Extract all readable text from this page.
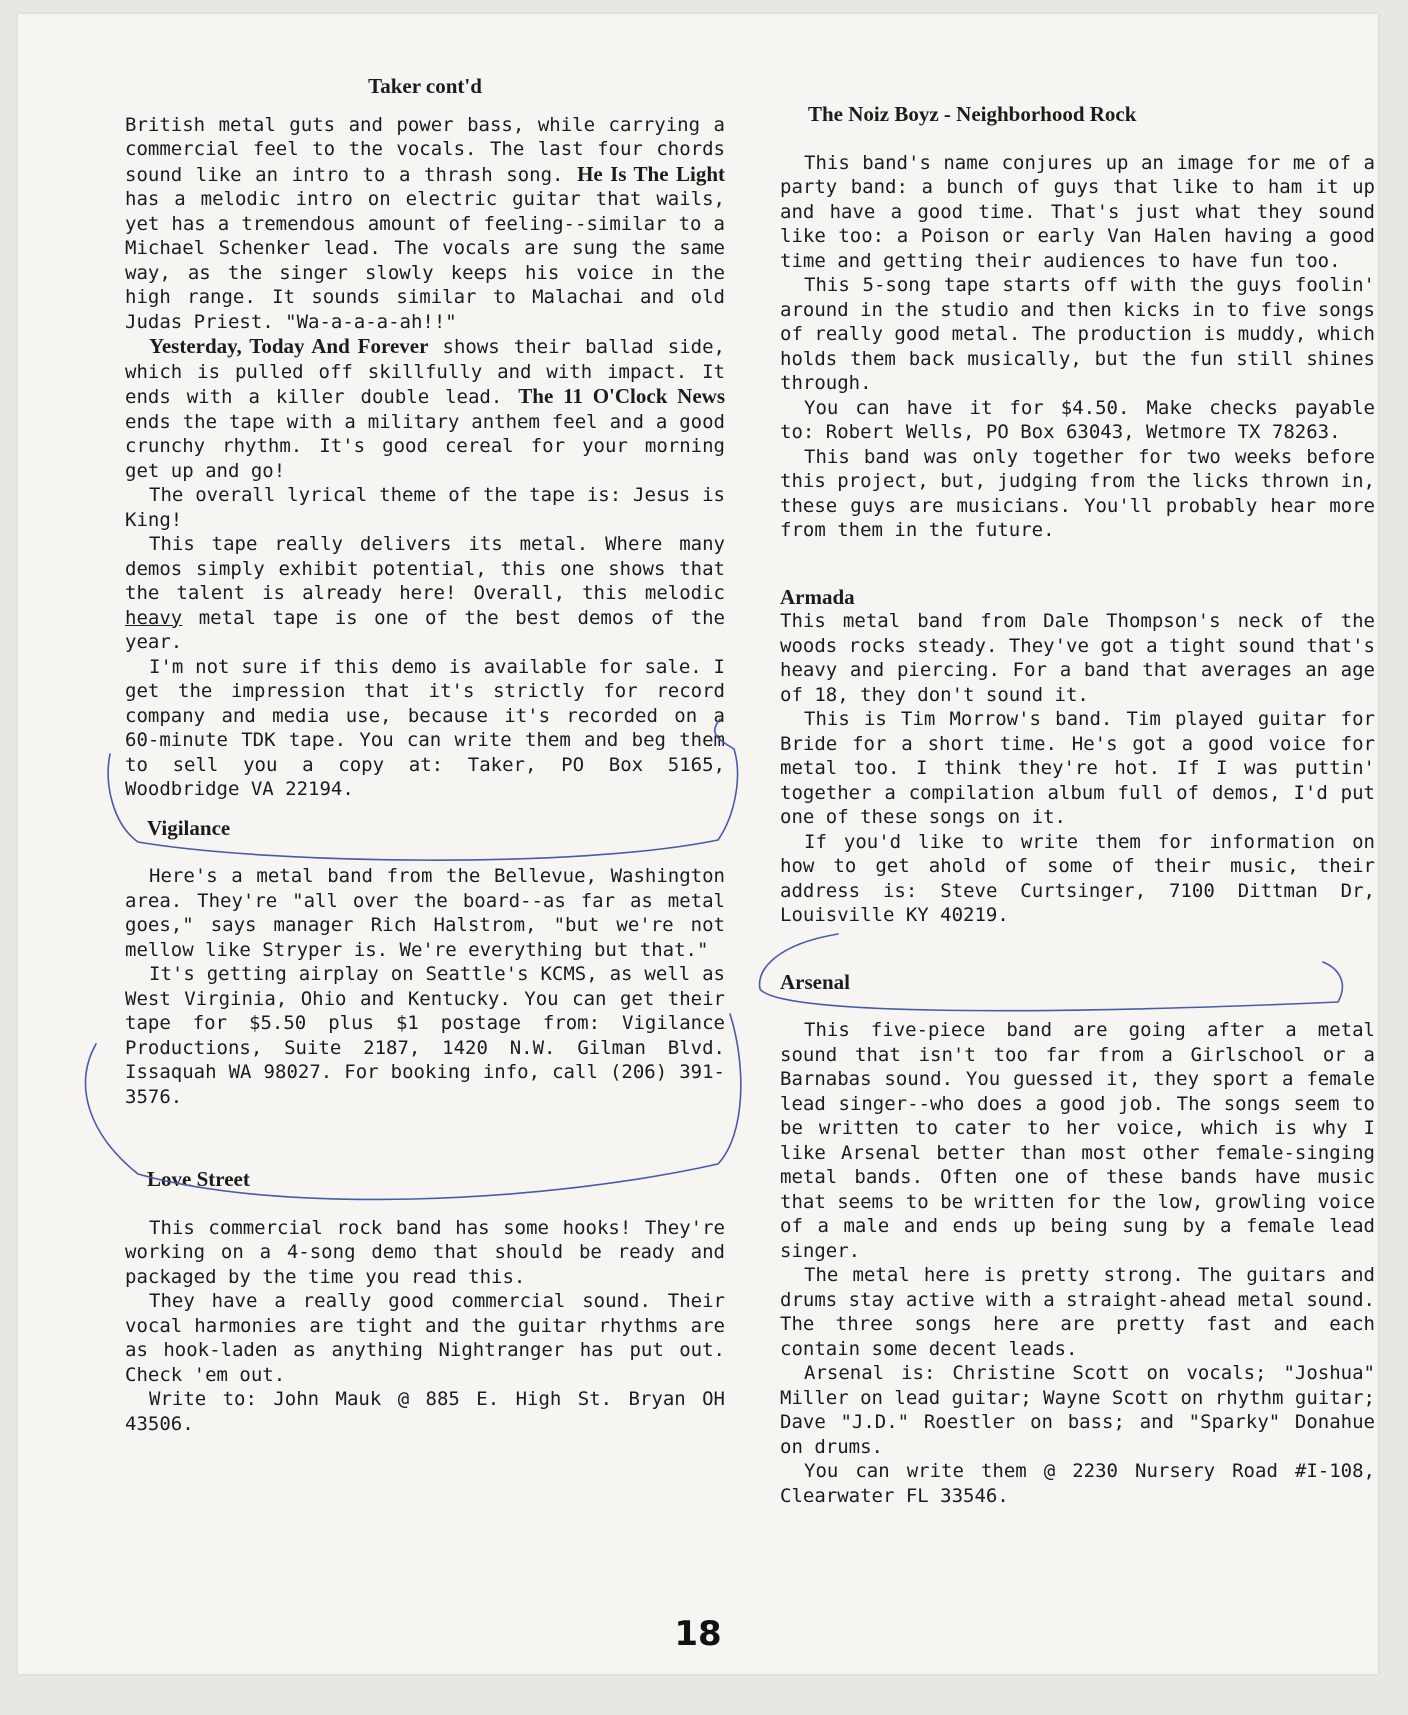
Taker cont'd

British metal guts and power bass, while carrying a commercial feel to the vocals. The last four chords sound like an intro to a thrash song. He Is The Light has a melodic intro on electric guitar that wails, yet has a tremendous amount of feeling--similar to a Michael Schenker lead. The vocals are sung the same way, as the singer slowly keeps his voice in the high range. It sounds similar to Malachai and old Judas Priest. "Wa-a-a-a-ah!!"

Yesterday, Today And Forever shows their ballad side, which is pulled off skillfully and with impact. It ends with a killer double lead. The 11 O'Clock News ends the tape with a military anthem feel and a good crunchy rhythm. It's good cereal for your morning get up and go!

The overall lyrical theme of the tape is: Jesus is King!

This tape really delivers its metal. Where many demos simply exhibit potential, this one shows that the talent is already here! Overall, this melodic heavy metal tape is one of the best demos of the year.

I'm not sure if this demo is available for sale. I get the impression that it's strictly for record company and media use, because it's recorded on a 60-minute TDK tape. You can write them and beg them to sell you a copy at: Taker, PO Box 5165, Woodbridge VA 22194.

Vigilance

Here's a metal band from the Bellevue, Washington area. They're "all over the board--as far as metal goes," says manager Rich Halstrom, "but we're not mellow like Stryper is. We're everything but that."

It's getting airplay on Seattle's KCMS, as well as West Virginia, Ohio and Kentucky. You can get their tape for $5.50 plus $1 postage from: Vigilance Productions, Suite 2187, 1420 N.W. Gilman Blvd. Issaquah WA 98027. For booking info, call (206) 391-3576.

Love Street

This commercial rock band has some hooks! They're working on a 4-song demo that should be ready and packaged by the time you read this.

They have a really good commercial sound. Their vocal harmonies are tight and the guitar rhythms are as hook-laden as anything Nightranger has put out. Check 'em out.

Write to: John Mauk @ 885 E. High St. Bryan OH 43506.

The Noiz Boyz - Neighborhood Rock

This band's name conjures up an image for me of a party band: a bunch of guys that like to ham it up and have a good time. That's just what they sound like too: a Poison or early Van Halen having a good time and getting their audiences to have fun too.

This 5-song tape starts off with the guys foolin' around in the studio and then kicks in to five songs of really good metal. The production is muddy, which holds them back musically, but the fun still shines through.

You can have it for $4.50. Make checks payable to: Robert Wells, PO Box 63043, Wetmore TX 78263.

This band was only together for two weeks before this project, but, judging from the licks thrown in, these guys are musicians. You'll probably hear more from them in the future.

Armada

This metal band from Dale Thompson's neck of the woods rocks steady. They've got a tight sound that's heavy and piercing. For a band that averages an age of 18, they don't sound it.

This is Tim Morrow's band. Tim played guitar for Bride for a short time. He's got a good voice for metal too. I think they're hot. If I was puttin' together a compilation album full of demos, I'd put one of these songs on it.

If you'd like to write them for information on how to get ahold of some of their music, their address is: Steve Curtsinger, 7100 Dittman Dr, Louisville KY 40219.

Arsenal

This five-piece band are going after a metal sound that isn't too far from a Girlschool or a Barnabas sound. You guessed it, they sport a female lead singer--who does a good job. The songs seem to be written to cater to her voice, which is why I like Arsenal better than most other female-singing metal bands. Often one of these bands have music that seems to be written for the low, growling voice of a male and ends up being sung by a female lead singer.

The metal here is pretty strong. The guitars and drums stay active with a straight-ahead metal sound. The three songs here are pretty fast and each contain some decent leads.

Arsenal is: Christine Scott on vocals; "Joshua" Miller on lead guitar; Wayne Scott on rhythm guitar; Dave "J.D." Roestler on bass; and "Sparky" Donahue on drums.

You can write them @ 2230 Nursery Road #I-108, Clearwater FL 33546.

18
